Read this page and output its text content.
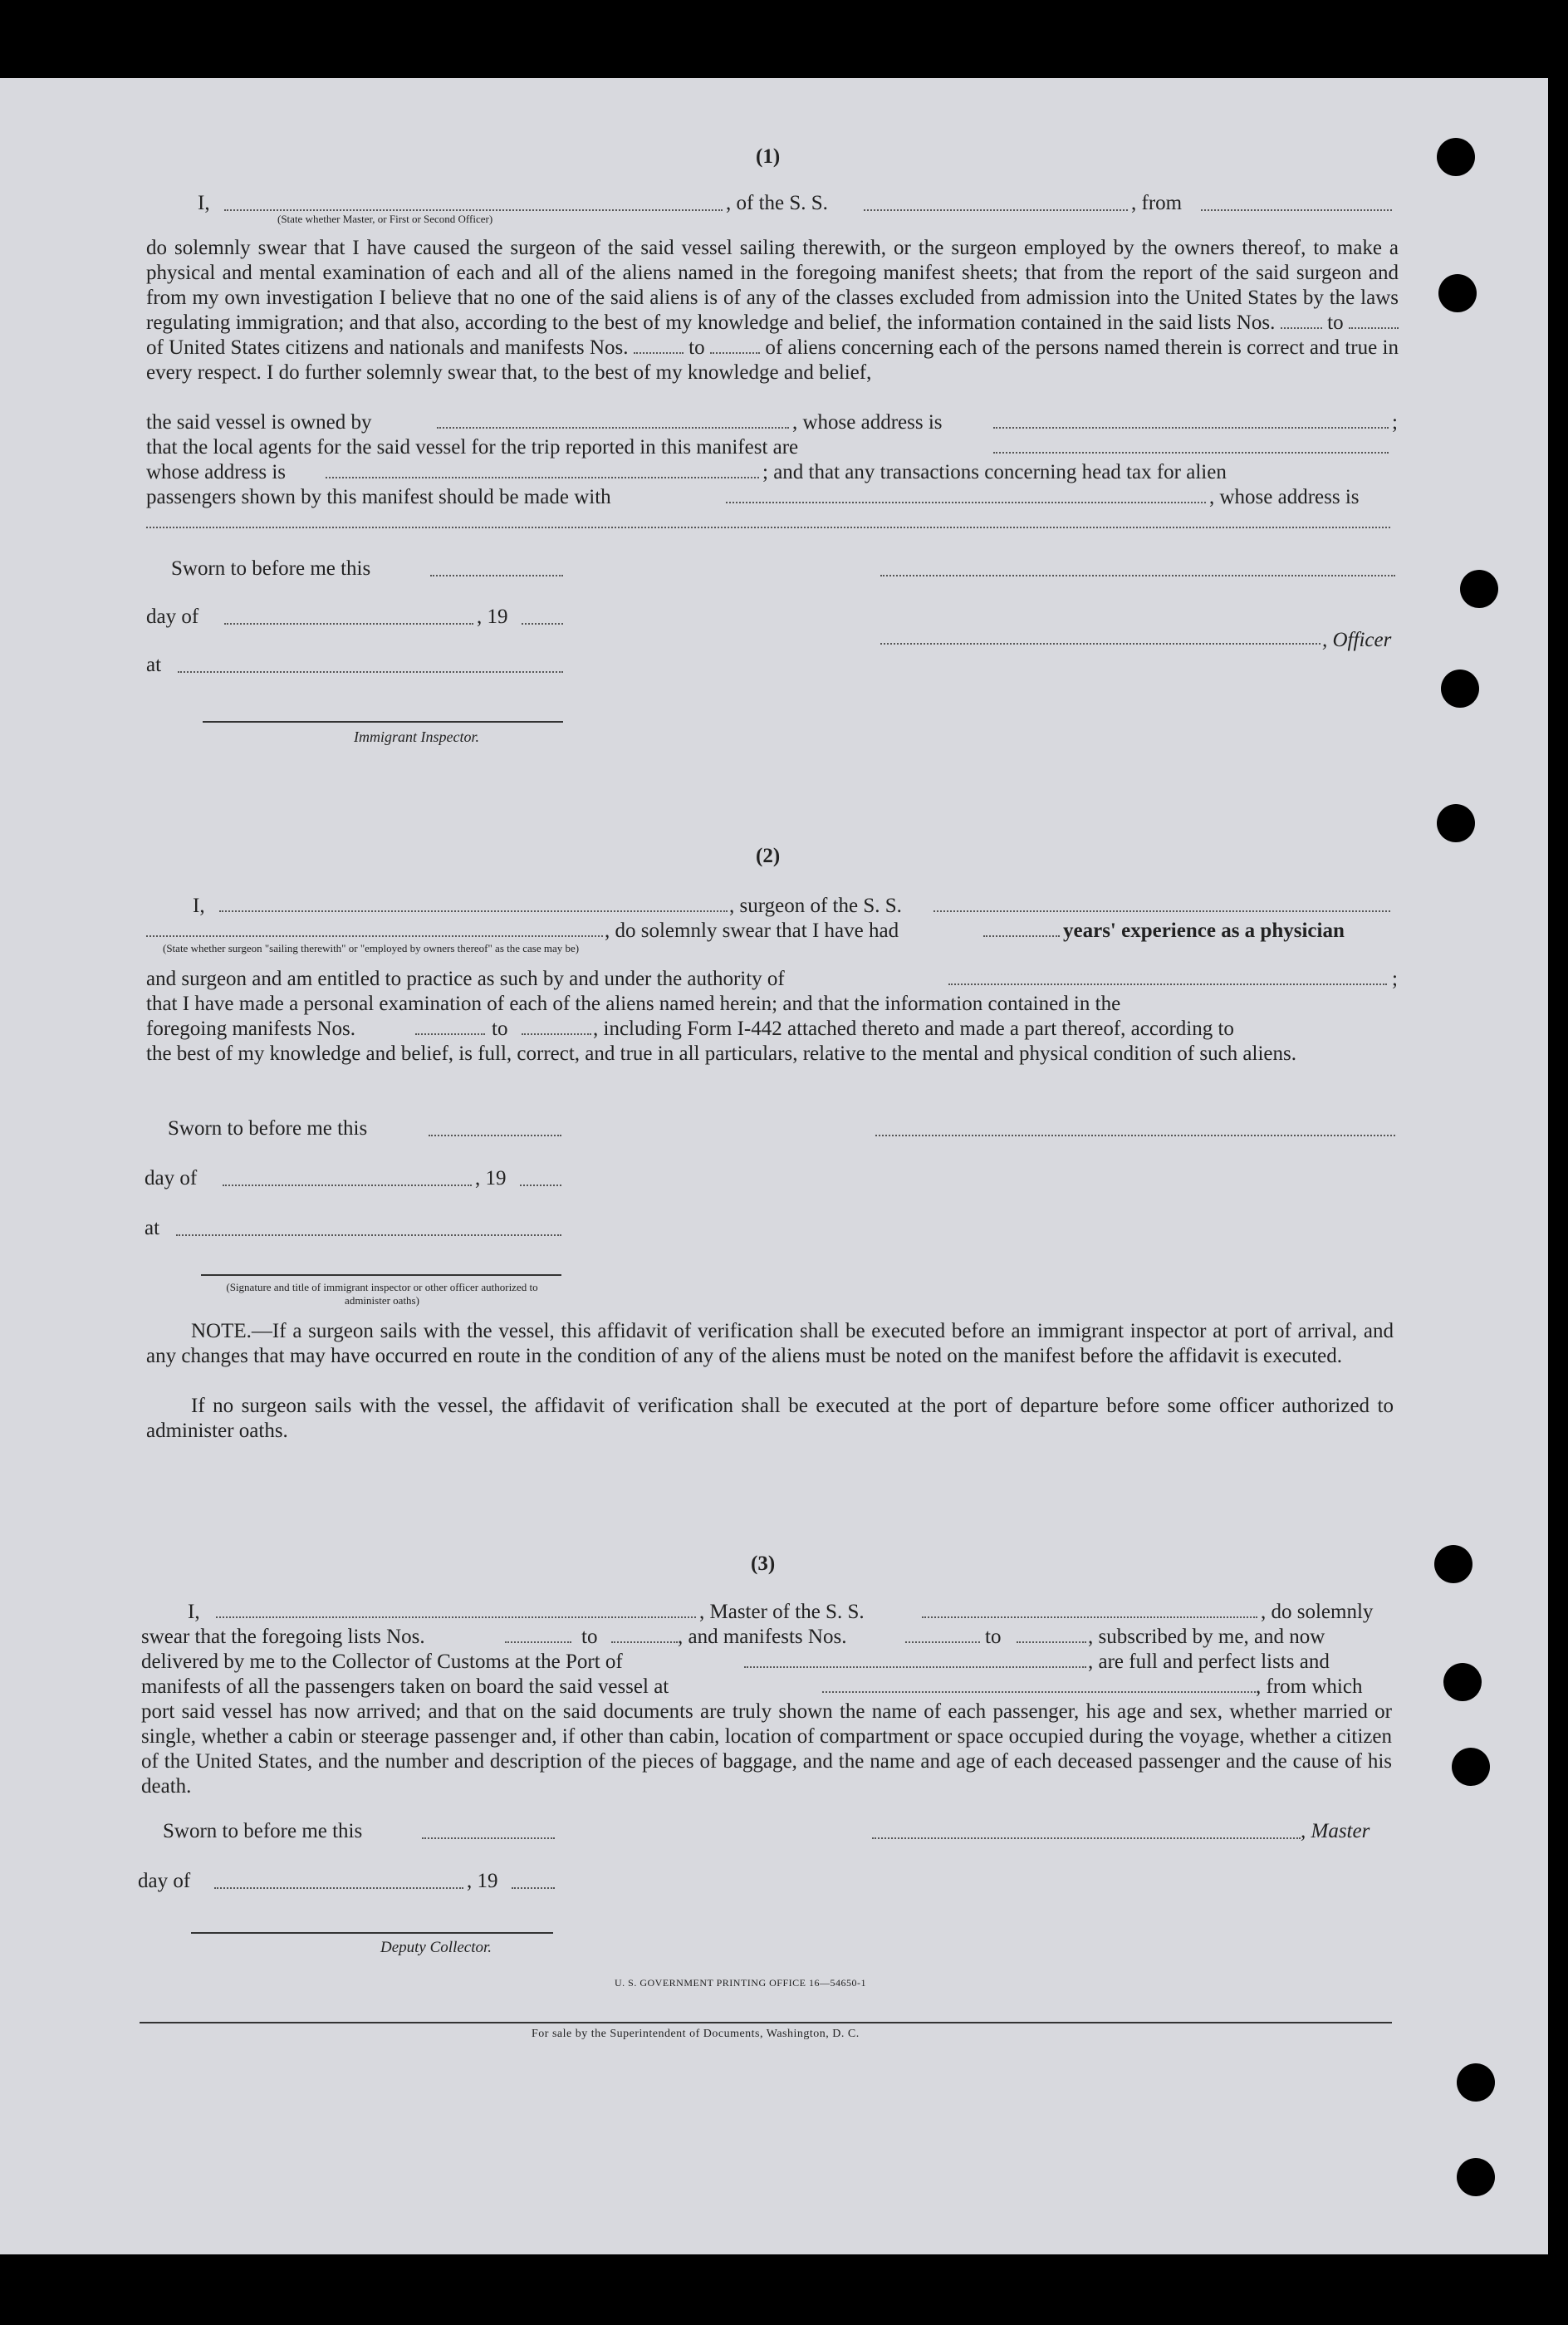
(1)
I,	, of the S. S.	, from
(State whether Master, or First or Second Officer)
do solemnly swear that I have caused the surgeon of the said vessel sailing therewith, or the surgeon employed by the owners thereof, to make a physical and mental examination of each and all of the aliens named in the foregoing manifest sheets; that from the report of the said surgeon and from my own investigation I believe that no one of the said aliens is of any of the classes excluded from admission into the United States by the laws regulating immigration; and that also, according to the best of my knowledge and belief, the information contained in the said lists Nos.	to  of United States citizens and nationals and manifests Nos.	to	of aliens concerning each of the persons named therein is correct and true in every respect. I do further solemnly swear that, to the best of my knowledge and belief,
the said vessel is owned by	, whose address is	;
that the local agents for the said vessel for the trip reported in this manifest are
whose address is	; and that any transactions concerning head tax for alien
passengers shown by this manifest should be made with	, whose address is
Sworn to before me this
day of	, 19
, Officer
at
Immigrant Inspector.
(2)
I,	, surgeon of the S. S.
, do solemnly swear that I have had	years' experience as a physician
(State whether surgeon "sailing therewith" or "employed by owners thereof" as the case may be)
and surgeon and am entitled to practice as such by and under the authority of	;
that I have made a personal examination of each of the aliens named herein; and that the information contained in the
foregoing manifests Nos.	to	, including Form I-442 attached thereto and made a part thereof, according to
the best of my knowledge and belief, is full, correct, and true in all particulars, relative to the mental and physical condition of such aliens.
Sworn to before me this
day of	, 19
at
(Signature and title of immigrant inspector or other officer authorized to administer oaths)
NOTE.—If a surgeon sails with the vessel, this affidavit of verification shall be executed before an immigrant inspector at port of arrival, and any changes that may have occurred en route in the condition of any of the aliens must be noted on the manifest before the affidavit is executed.
If no surgeon sails with the vessel, the affidavit of verification shall be executed at the port of departure before some officer authorized to administer oaths.
(3)
I,	, Master of the S. S.	, do solemnly
swear that the foregoing lists Nos.	to	, and manifests Nos.	to	, subscribed by me, and now
delivered by me to the Collector of Customs at the Port of	, are full and perfect lists and
manifests of all the passengers taken on board the said vessel at	, from which
port said vessel has now arrived; and that on the said documents are truly shown the name of each passenger, his age and sex, whether married or single, whether a cabin or steerage passenger and, if other than cabin, location of compartment or space occupied during the voyage, whether a citizen of the United States, and the number and description of the pieces of baggage, and the name and age of each deceased passenger and the cause of his death.
Sworn to before me this	, Master
day of	, 19
Deputy Collector.
U. S. GOVERNMENT PRINTING OFFICE 16—54650-1
For sale by the Superintendent of Documents, Washington, D. C.
